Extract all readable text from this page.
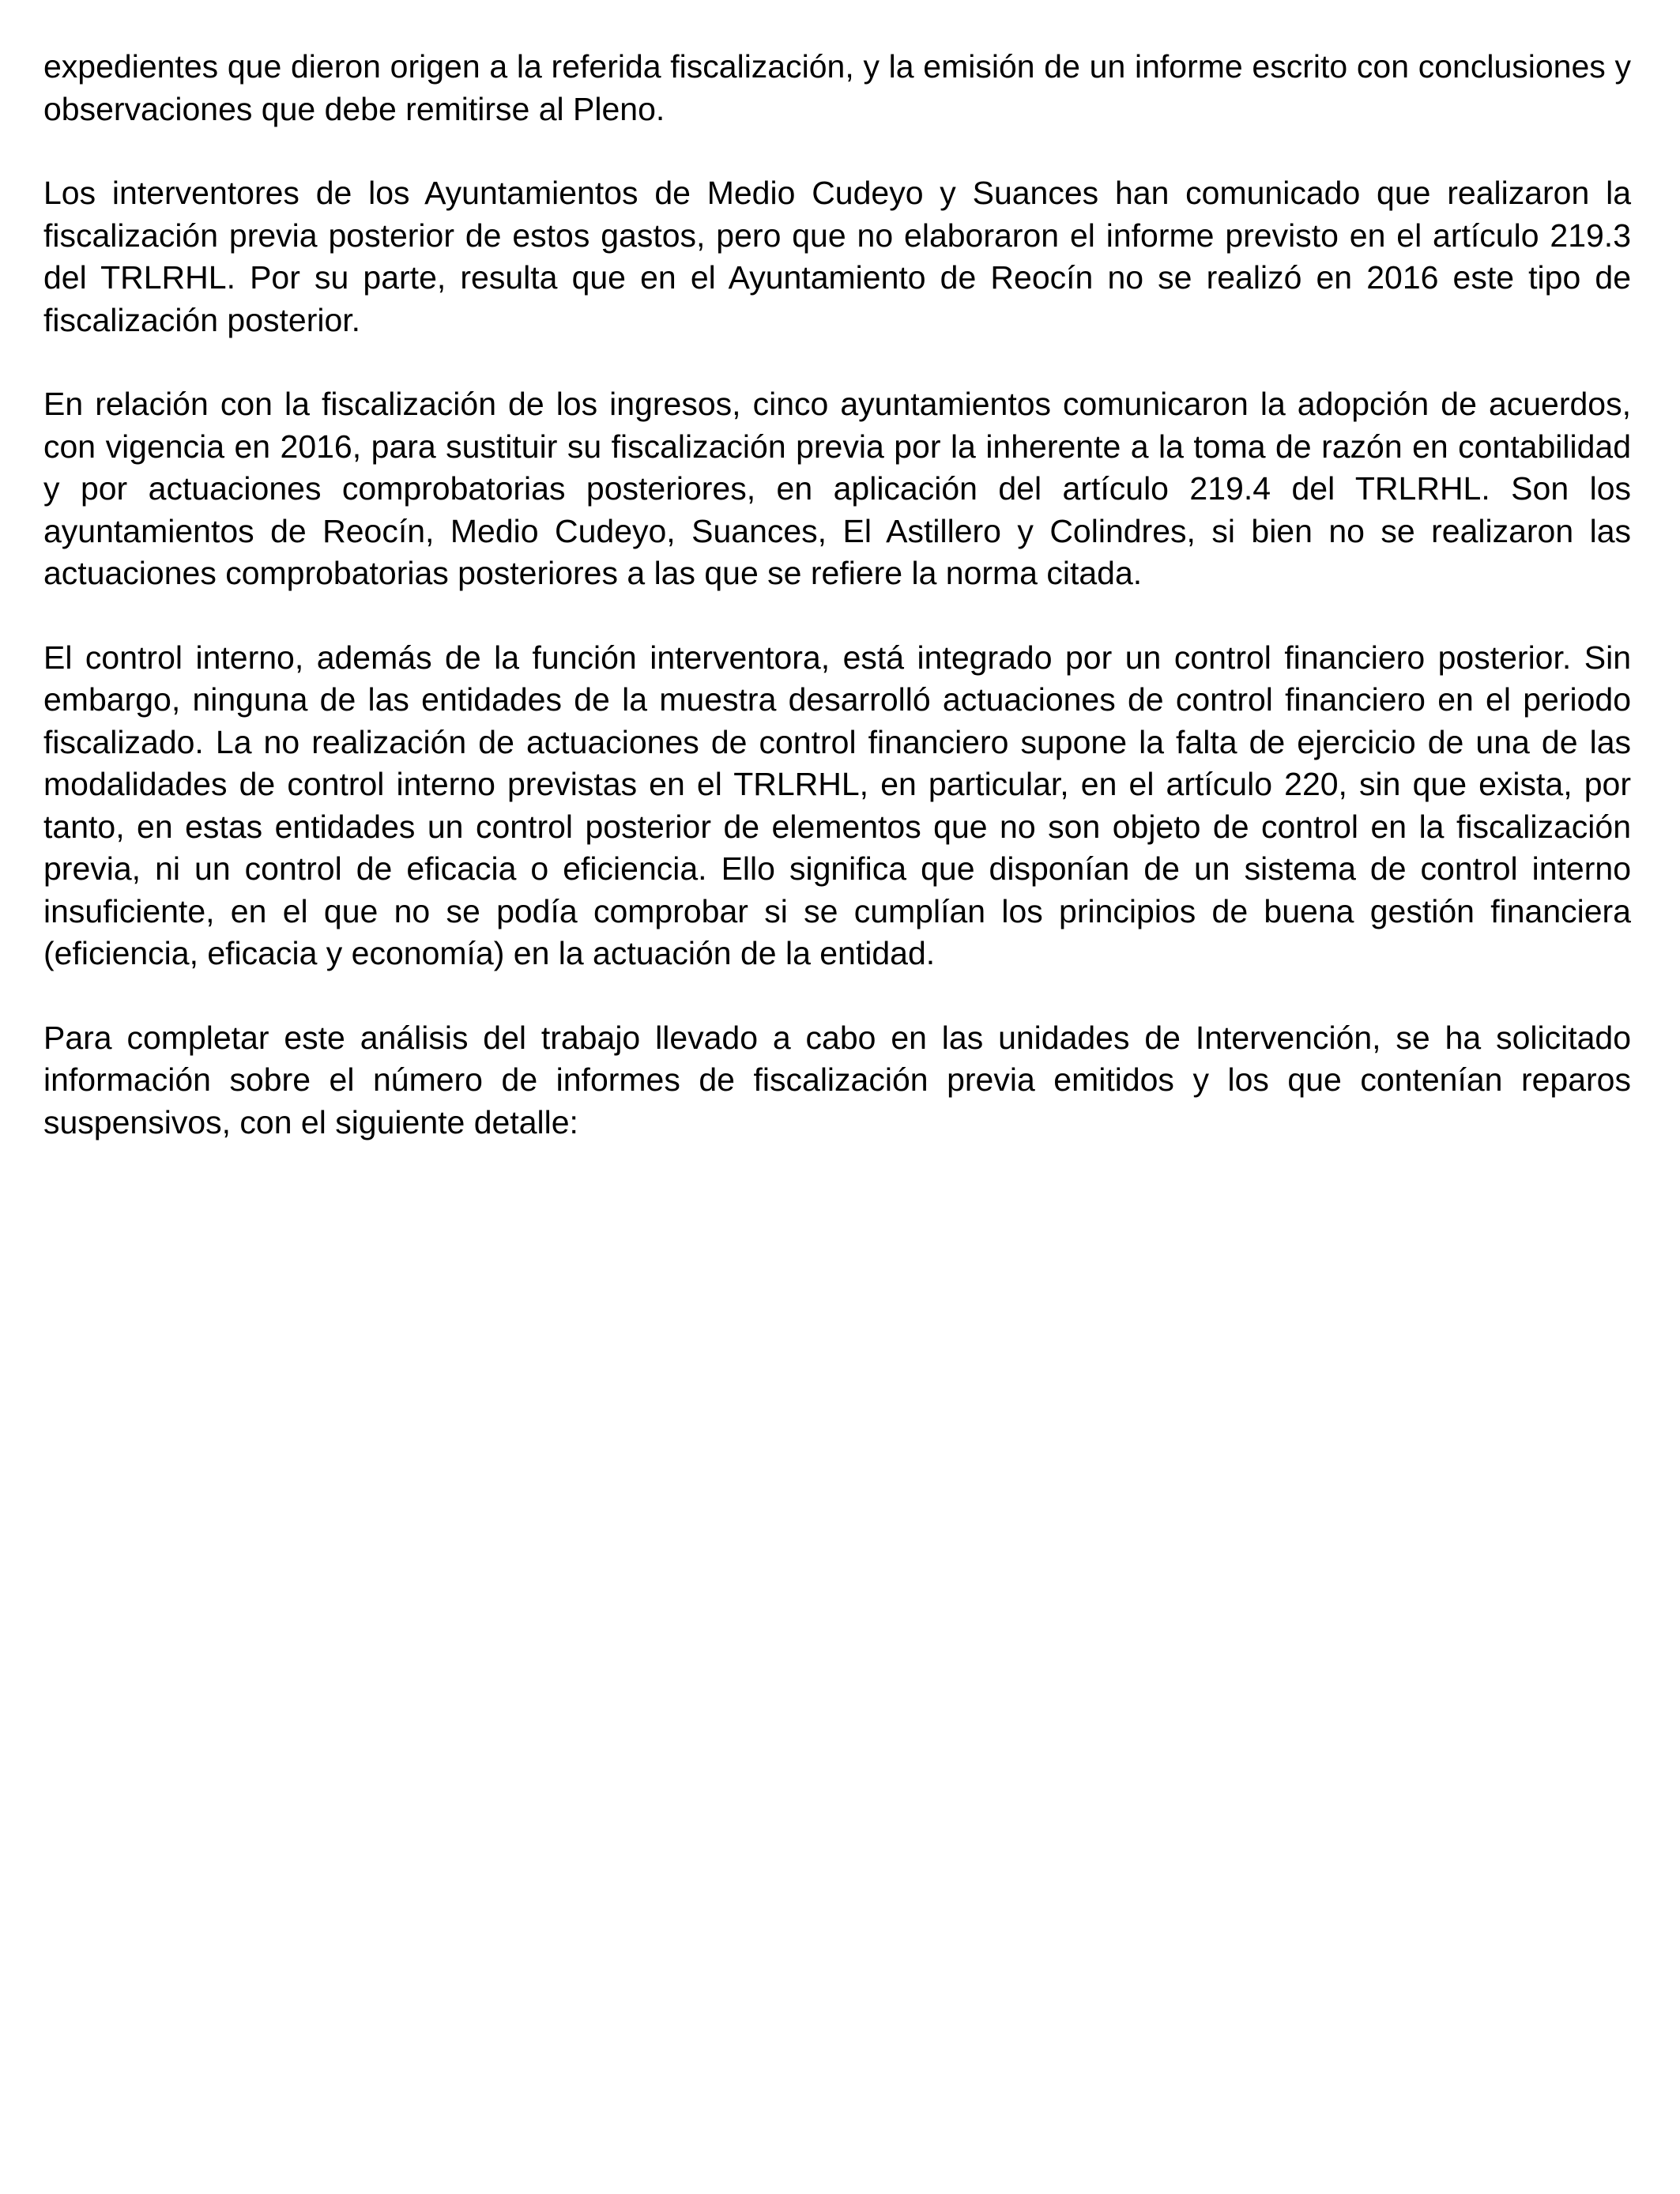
expedientes que dieron origen a la referida fiscalización, y la emisión de un informe escrito con conclusiones y observaciones que debe remitirse al Pleno.

Los interventores de los Ayuntamientos de Medio Cudeyo y Suances han comunicado que realizaron la fiscalización previa posterior de estos gastos, pero que no elaboraron el informe previsto en el artículo 219.3 del TRLRHL. Por su parte, resulta que en el Ayuntamiento de Reocín no se realizó en 2016 este tipo de fiscalización posterior.

En relación con la fiscalización de los ingresos, cinco ayuntamientos comunicaron la adopción de acuerdos, con vigencia en 2016, para sustituir su fiscalización previa por la inherente a la toma de razón en contabilidad y por actuaciones comprobatorias posteriores, en aplicación del artículo 219.4 del TRLRHL. Son los ayuntamientos de Reocín, Medio Cudeyo, Suances, El Astillero y Colindres, si bien no se realizaron las actuaciones comprobatorias posteriores a las que se refiere la norma citada.

El control interno, además de la función interventora, está integrado por un control financiero posterior. Sin embargo, ninguna de las entidades de la muestra desarrolló actuaciones de control financiero en el periodo fiscalizado. La no realización de actuaciones de control financiero supone la falta de ejercicio de una de las modalidades de control interno previstas en el TRLRHL, en particular, en el artículo 220, sin que exista, por tanto, en estas entidades un control posterior de elementos que no son objeto de control en la fiscalización previa, ni un control de eficacia o eficiencia. Ello significa que disponían de un sistema de control interno insuficiente, en el que no se podía comprobar si se cumplían los principios de buena gestión financiera (eficiencia, eficacia y economía) en la actuación de la entidad.

Para completar este análisis del trabajo llevado a cabo en las unidades de Intervención, se ha solicitado información sobre el número de informes de fiscalización previa emitidos y los que contenían reparos suspensivos, con el siguiente detalle:
